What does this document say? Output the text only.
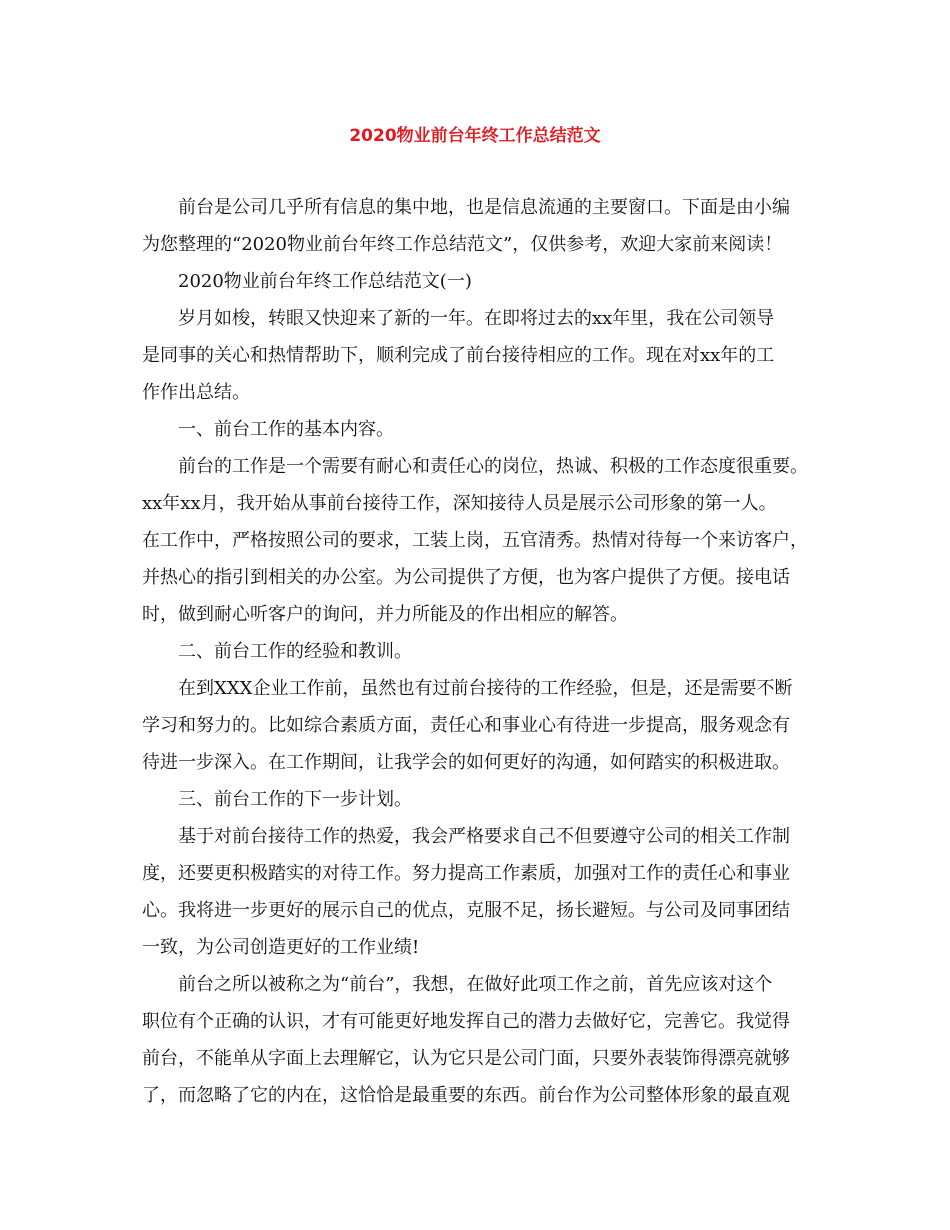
2020物业前台年终工作总结范文
前台是公司几乎所有信息的集中地，也是信息流通的主要窗口。下面是由小编
为您整理的“2020物业前台年终工作总结范文”，仅供参考，欢迎大家前来阅读！
2020物业前台年终工作总结范文(一)
岁月如梭，转眼又快迎来了新的一年。在即将过去的xx年里，我在公司领导
是同事的关心和热情帮助下，顺利完成了前台接待相应的工作。现在对xx年的工
作作出总结。
一、前台工作的基本内容。
前台的工作是一个需要有耐心和责任心的岗位，热诚、积极的工作态度很重要。
xx年xx月，我开始从事前台接待工作，深知接待人员是展示公司形象的第一人。
在工作中，严格按照公司的要求，工装上岗，五官清秀。热情对待每一个来访客户，
并热心的指引到相关的办公室。为公司提供了方便，也为客户提供了方便。接电话
时，做到耐心听客户的询问，并力所能及的作出相应的解答。
二、前台工作的经验和教训。
在到XXX企业工作前，虽然也有过前台接待的工作经验，但是，还是需要不断
学习和努力的。比如综合素质方面，责任心和事业心有待进一步提高，服务观念有
待进一步深入。在工作期间，让我学会的如何更好的沟通，如何踏实的积极进取。
三、前台工作的下一步计划。
基于对前台接待工作的热爱，我会严格要求自己不但要遵守公司的相关工作制
度，还要更积极踏实的对待工作。努力提高工作素质，加强对工作的责任心和事业
心。我将进一步更好的展示自己的优点，克服不足，扬长避短。与公司及同事团结
一致，为公司创造更好的工作业绩!
前台之所以被称之为“前台”，我想，在做好此项工作之前，首先应该对这个
职位有个正确的认识，才有可能更好地发挥自己的潜力去做好它，完善它。我觉得
前台，不能单从字面上去理解它，认为它只是公司门面，只要外表装饰得漂亮就够
了，而忽略了它的内在，这恰恰是最重要的东西。前台作为公司整体形象的最直观
